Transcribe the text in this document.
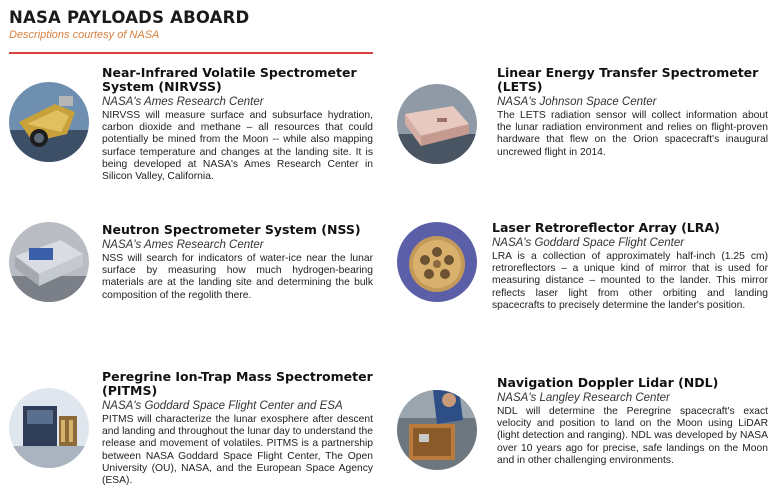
NASA PAYLOADS ABOARD
Descriptions courtesy of NASA
Near-Infrared Volatile Spectrometer System (NIRVSS)
NASA's Ames Research Center
NIRVSS will measure surface and subsurface hydration, carbon dioxide and methane – all resources that could potentially be mined from the Moon -- while also mapping surface temperature and changes at the landing site. It is being developed at NASA's Ames Research Center in Silicon Valley, California.
Linear Energy Transfer Spectrometer (LETS)
NASA's Johnson Space Center
The LETS radiation sensor will collect information about the lunar radiation environment and relies on flight-proven hardware that flew on the Orion spacecraft's inaugural uncrewed flight in 2014.
Neutron Spectrometer System (NSS)
NASA's Ames Research Center
NSS will search for indicators of water-ice near the lunar surface by measuring how much hydrogen-bearing materials are at the landing site and determining the bulk composition of the regolith there.
Laser Retroreflector Array (LRA)
NASA's Goddard Space Flight Center
LRA is a collection of approximately half-inch (1.25 cm) retroreflectors – a unique kind of mirror that is used for measuring distance – mounted to the lander. This mirror reflects laser light from other orbiting and landing spacecrafts to precisely determine the lander's position.
Peregrine Ion-Trap Mass Spectrometer (PITMS)
NASA's Goddard Space Flight Center and ESA
PITMS will characterize the lunar exosphere after descent and landing and throughout the lunar day to understand the release and movement of volatiles. PITMS is a partnership between NASA Goddard Space Flight Center, The Open University (OU), NASA, and the European Space Agency (ESA).
Navigation Doppler Lidar (NDL)
NASA's Langley Research Center
NDL will determine the Peregrine spacecraft's exact velocity and position to land on the Moon using LiDAR (light detection and ranging). NDL was developed by NASA over 10 years ago for precise, safe landings on the Moon and in other challenging environments.
